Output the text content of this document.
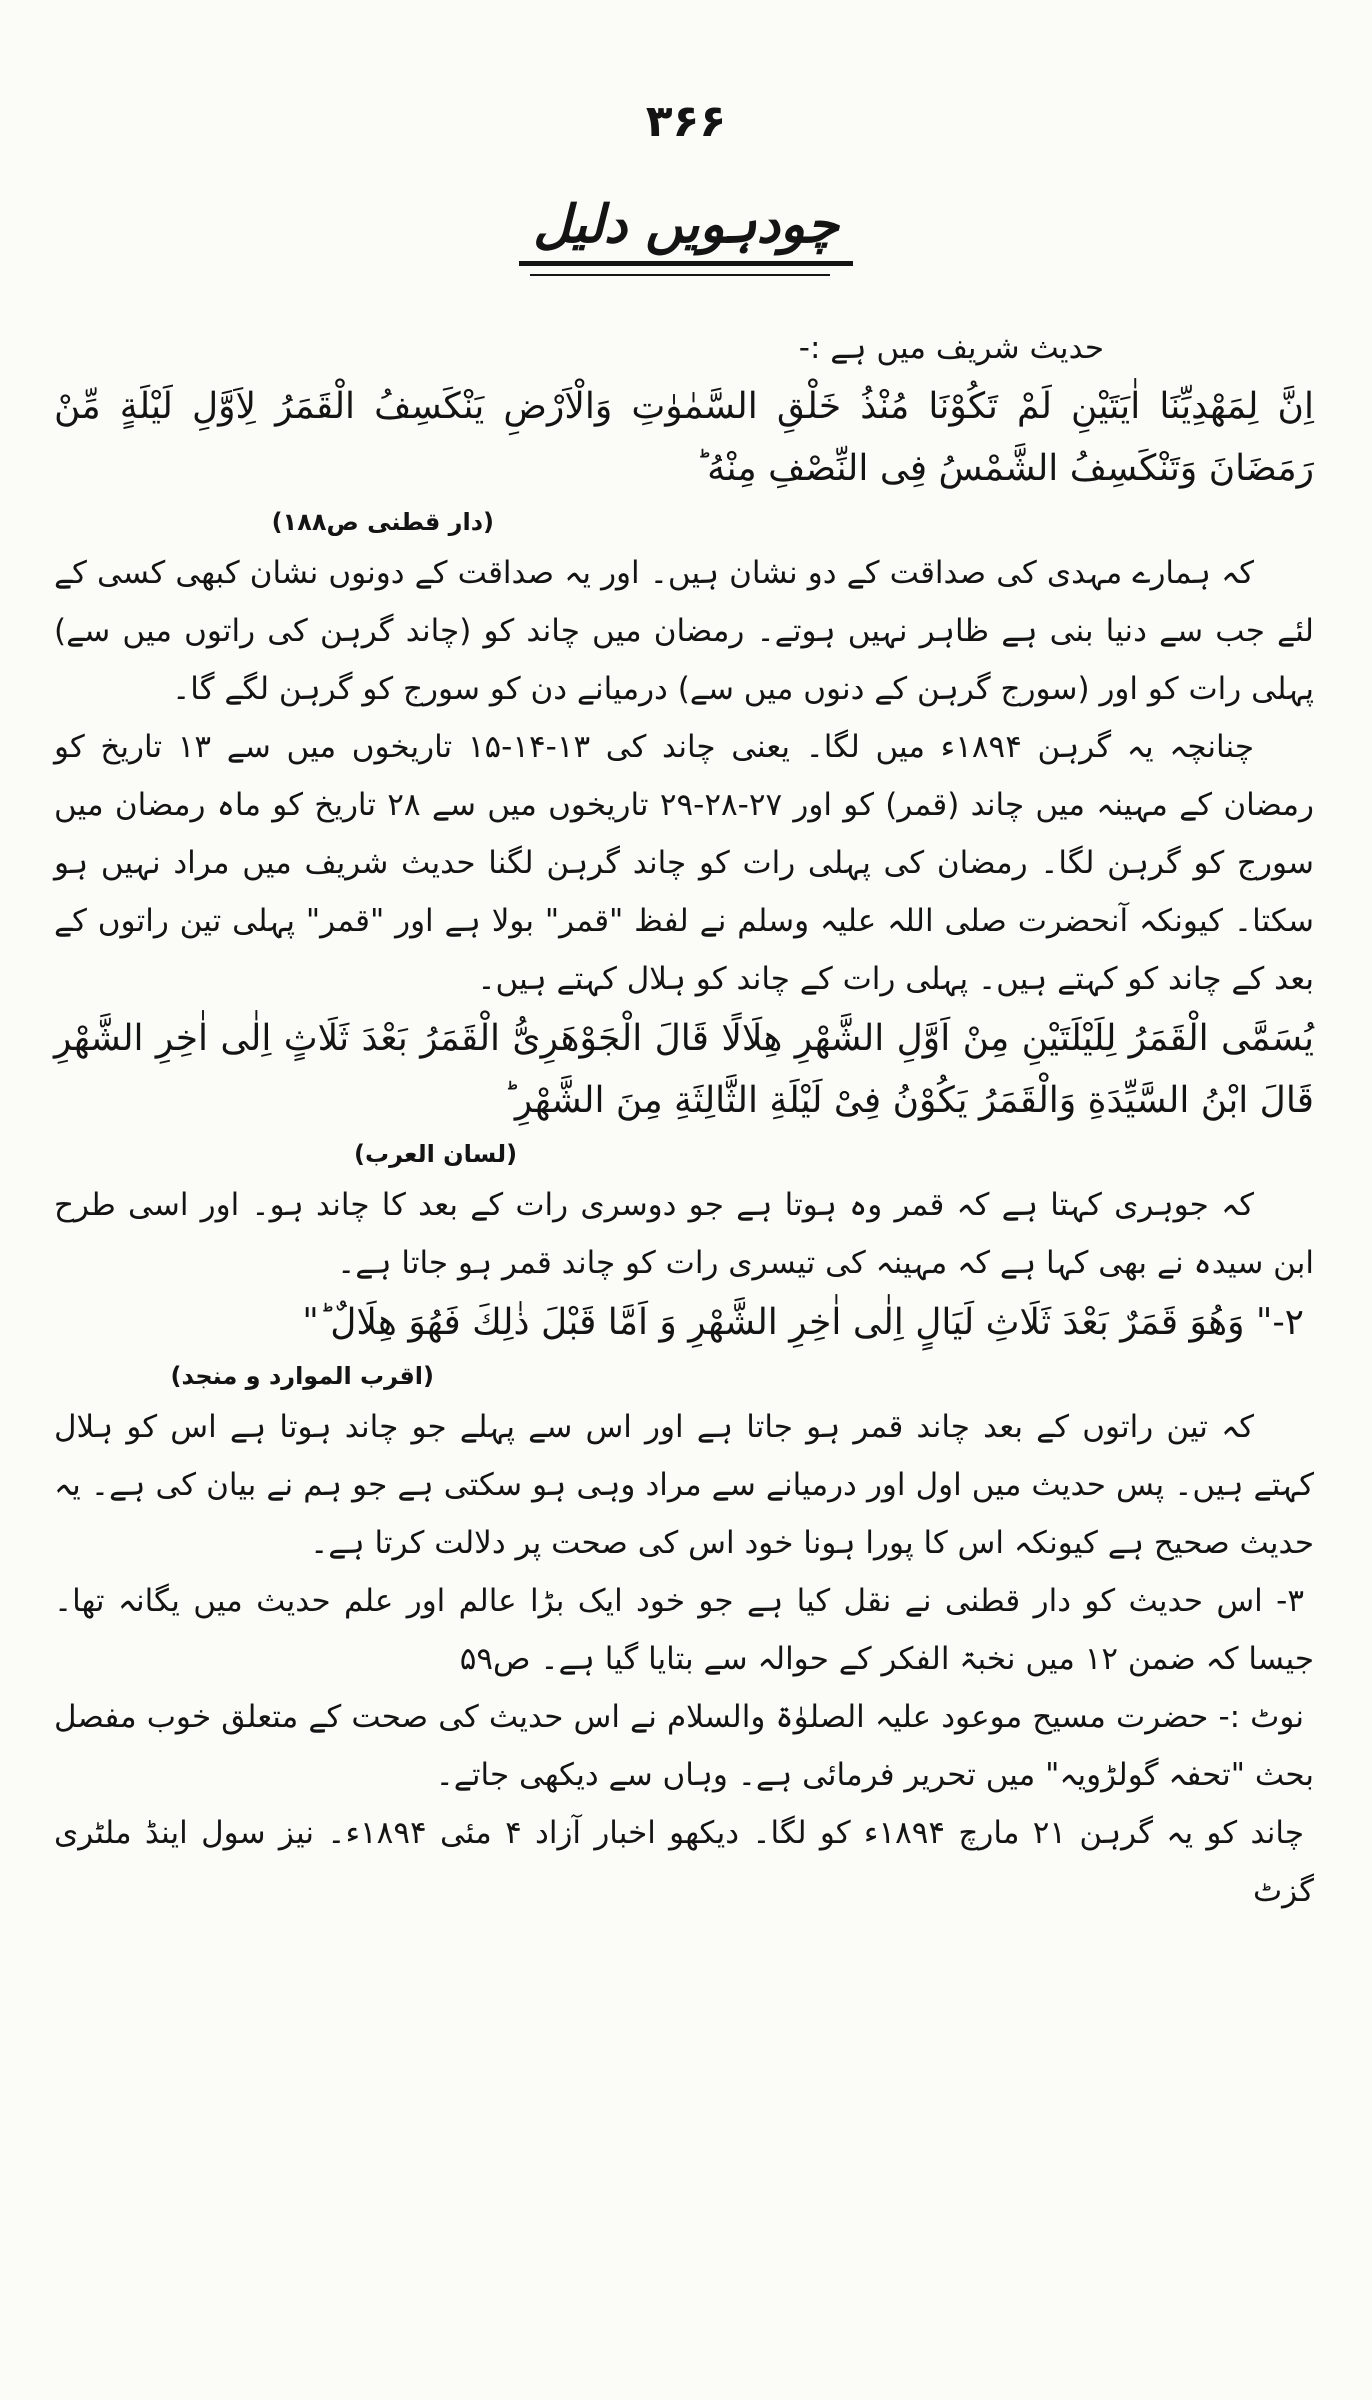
۳۶۶
چودہویں دلیل

حدیث شریف میں ہے :-

اِنَّ لِمَهْدِیِّنَا اٰیَتَیْنِ لَمْ تَكُوْنَا مُنْذُ خَلْقِ السَّمٰوٰتِ وَالْاَرْضِ یَنْكَسِفُ الْقَمَرُ لِاَوَّلِ لَیْلَةٍ مِّنْ رَمَضَانَ وَتَنْكَسِفُ الشَّمْسُ فِی النِّصْفِ مِنْهُ ؕ

(دار قطنی ص۱۸۸)

کہ ہمارے مہدی کی صداقت کے دو نشان ہیں۔ اور یہ صداقت کے دونوں نشان کبھی کسی کے لئے جب سے دنیا بنی ہے ظاہر نہیں ہوتے۔ رمضان میں چاند کو (چاند گرہن کی راتوں میں سے) پہلی رات کو اور (سورج گرہن کے دنوں میں سے) درمیانے دن کو سورج کو گرہن لگے گا۔

چنانچہ یہ گرہن ۱۸۹۴ء میں لگا۔ یعنی چاند کی ۱۳-۱۴-۱۵ تاریخوں میں سے ۱۳ تاریخ کو رمضان کے مہینہ میں چاند (قمر) کو اور ۲۷-۲۸-۲۹ تاریخوں میں سے ۲۸ تاریخ کو ماہ رمضان میں سورج کو گرہن لگا۔ رمضان کی پہلی رات کو چاند گرہن لگنا حدیث شریف میں مراد نہیں ہو سکتا۔ کیونکہ آنحضرت صلی اللہ علیہ وسلم نے لفظ "قمر" بولا ہے اور "قمر" پہلی تین راتوں کے بعد کے چاند کو کہتے ہیں۔ پہلی رات کے چاند کو ہلال کہتے ہیں۔

یُسَمَّی الْقَمَرُ لِلَیْلَتَیْنِ مِنْ اَوَّلِ الشَّهْرِ هِلَالًا قَالَ الْجَوْهَرِیُّ الْقَمَرُ بَعْدَ ثَلَاثٍ اِلٰی اٰخِرِ الشَّهْرِ قَالَ ابْنُ السَّیِّدَةِ وَالْقَمَرُ یَكُوْنُ فِیْ لَیْلَةِ الثَّالِثَةِ مِنَ الشَّهْرِ ؕ

(لسان العرب)

کہ جوہری کہتا ہے کہ قمر وہ ہوتا ہے جو دوسری رات کے بعد کا چاند ہو۔ اور اسی طرح ابن سیدہ نے بھی کہا ہے کہ مہینہ کی تیسری رات کو چاند قمر ہو جاتا ہے۔

۲-" وَهُوَ قَمَرٌ بَعْدَ ثَلَاثِ لَیَالٍ اِلٰی اٰخِرِ الشَّهْرِ وَ اَمَّا قَبْلَ ذٰلِكَ فَهُوَ هِلَالٌ ؕ"

(اقرب الموارد و منجد)

کہ تین راتوں کے بعد چاند قمر ہو جاتا ہے اور اس سے پہلے جو چاند ہوتا ہے اس کو ہلال کہتے ہیں۔ پس حدیث میں اول اور درمیانے سے مراد وہی ہو سکتی ہے جو ہم نے بیان کی ہے۔ یہ حدیث صحیح ہے کیونکہ اس کا پورا ہونا خود اس کی صحت پر دلالت کرتا ہے۔

۳- اس حدیث کو دار قطنی نے نقل کیا ہے جو خود ایک بڑا عالم اور علم حدیث میں یگانہ تھا۔ جیسا کہ ضمن ۱۲ میں نخبۃ الفکر کے حوالہ سے بتایا گیا ہے۔ ص۵۹

نوٹ :- حضرت مسیح موعود علیہ الصلوٰۃ والسلام نے اس حدیث کی صحت کے متعلق خوب مفصل بحث "تحفہ گولڑویہ" میں تحریر فرمائی ہے۔ وہاں سے دیکھی جاتے۔

چاند کو یہ گرہن ۲۱ مارچ ۱۸۹۴ء کو لگا۔ دیکھو اخبار آزاد ۴ مئی ۱۸۹۴ء۔ نیز سول اینڈ ملٹری گزٹ
